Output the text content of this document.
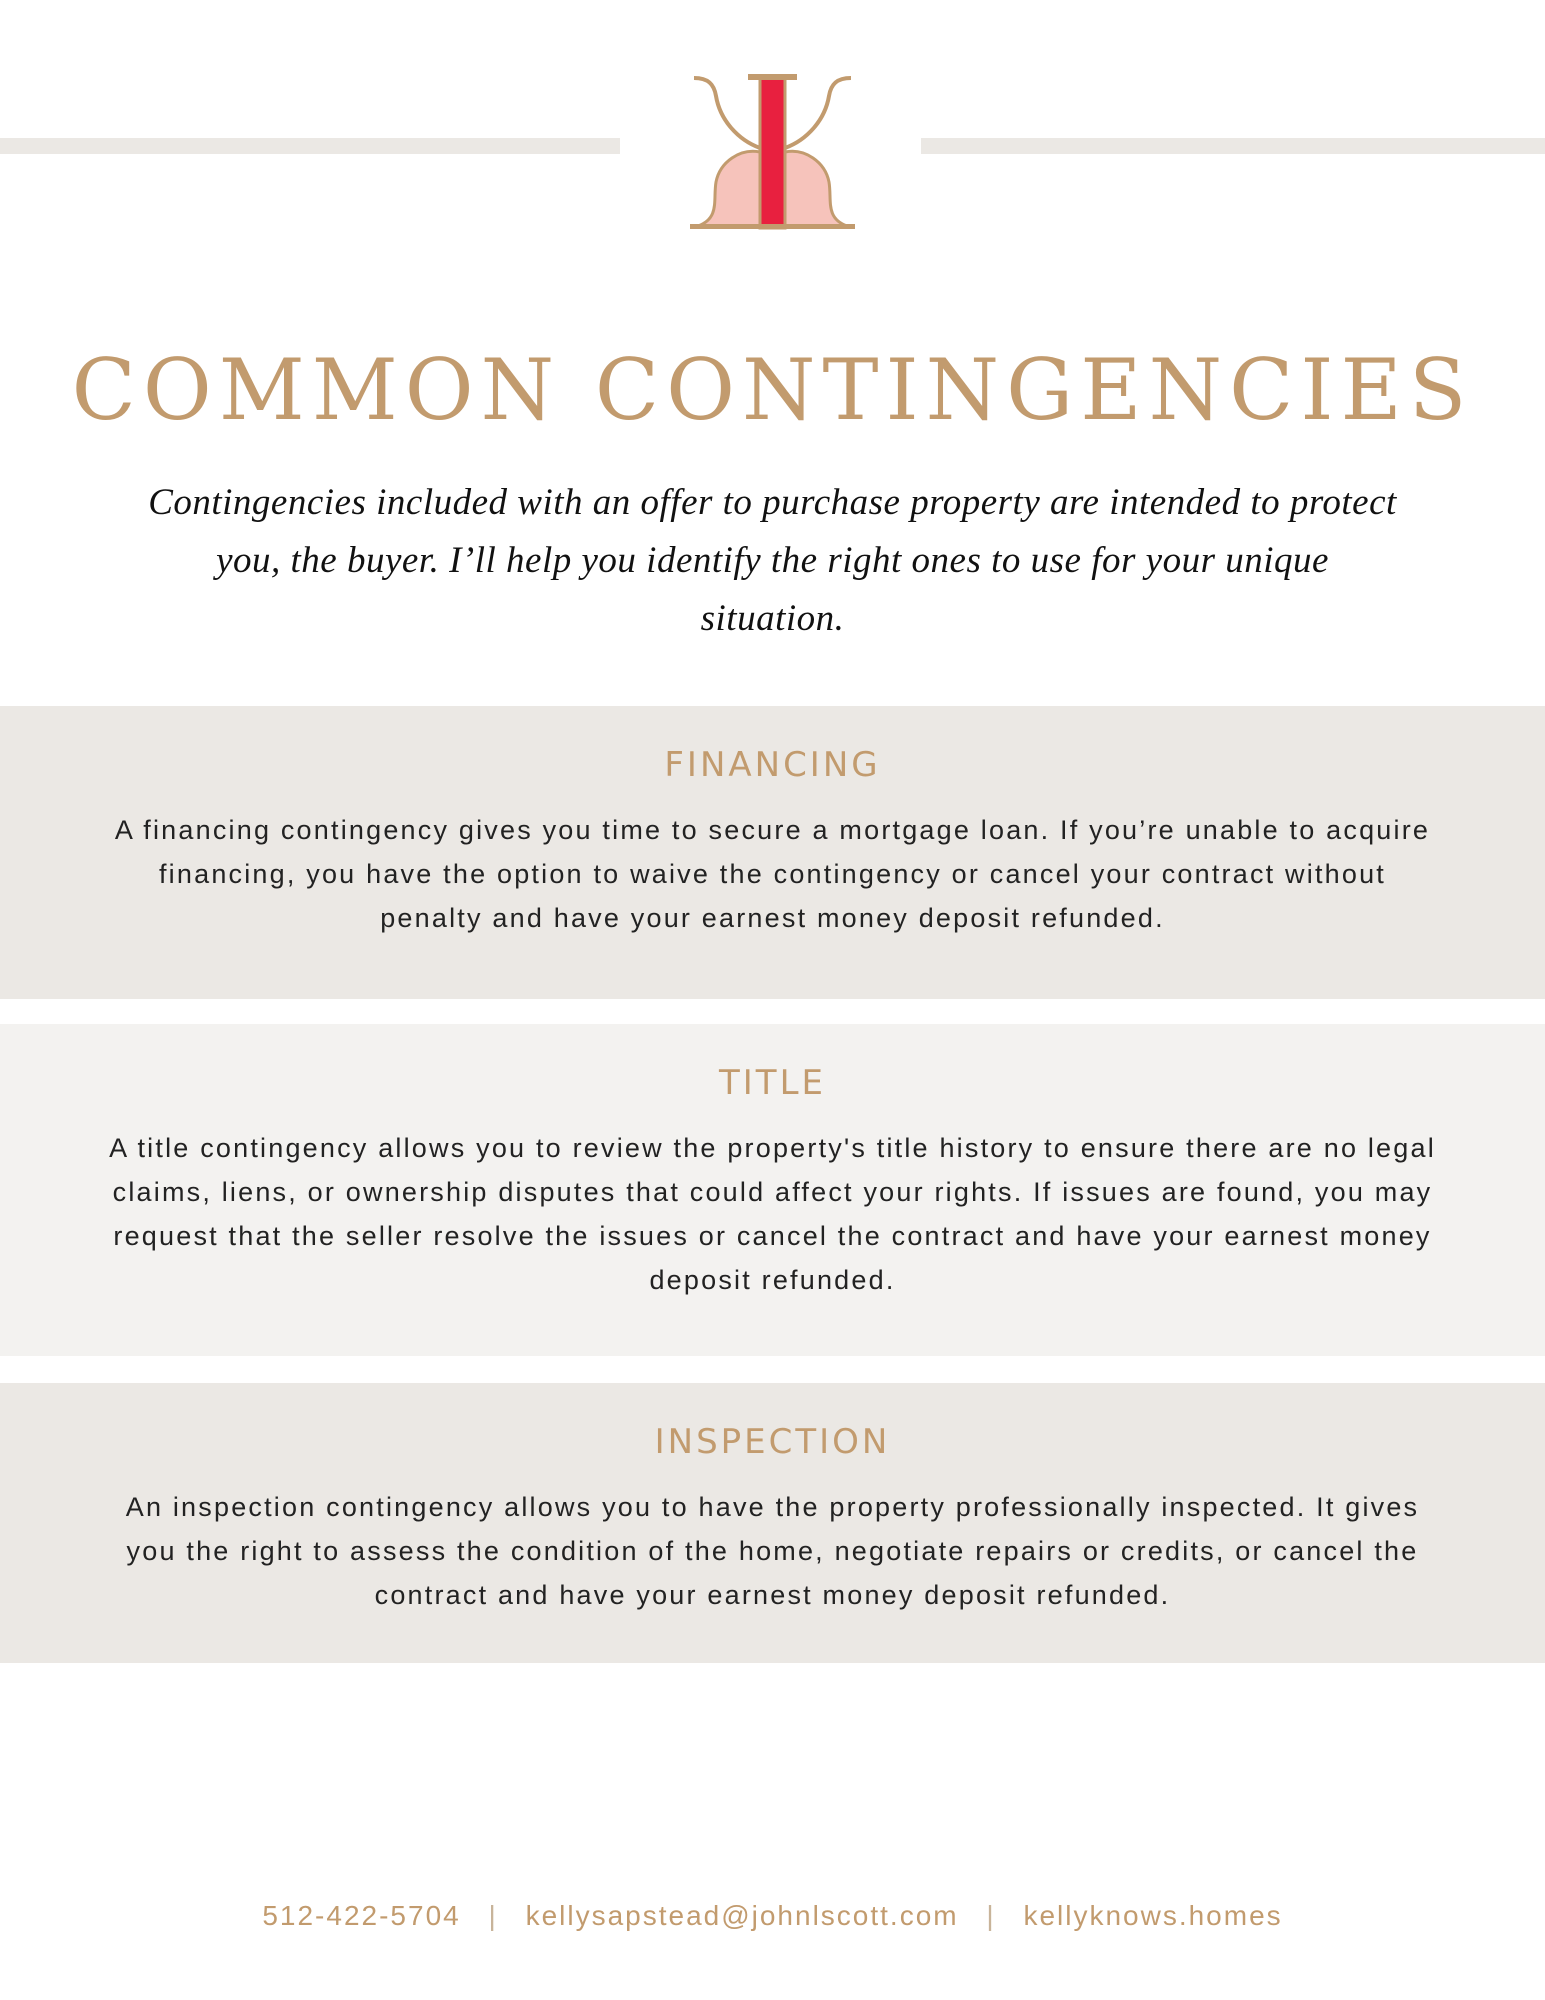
COMMON CONTINGENCIES

Contingencies included with an offer to purchase property are intended to protect you, the buyer. I’ll help you identify the right ones to use for your unique situation.

FINANCING

A financing contingency gives you time to secure a mortgage loan. If you’re unable to acquire financing, you have the option to waive the contingency or cancel your contract without penalty and have your earnest money deposit refunded.

TITLE

A title contingency allows you to review the property's title history to ensure there are no legal claims, liens, or ownership disputes that could affect your rights. If issues are found, you may request that the seller resolve the issues or cancel the contract and have your earnest money deposit refunded.

INSPECTION

An inspection contingency allows you to have the property professionally inspected. It gives you the right to assess the condition of the home, negotiate repairs or credits, or cancel the contract and have your earnest money deposit refunded.

512-422-5704 | kellysapstead@johnlscott.com | kellyknows.homes
